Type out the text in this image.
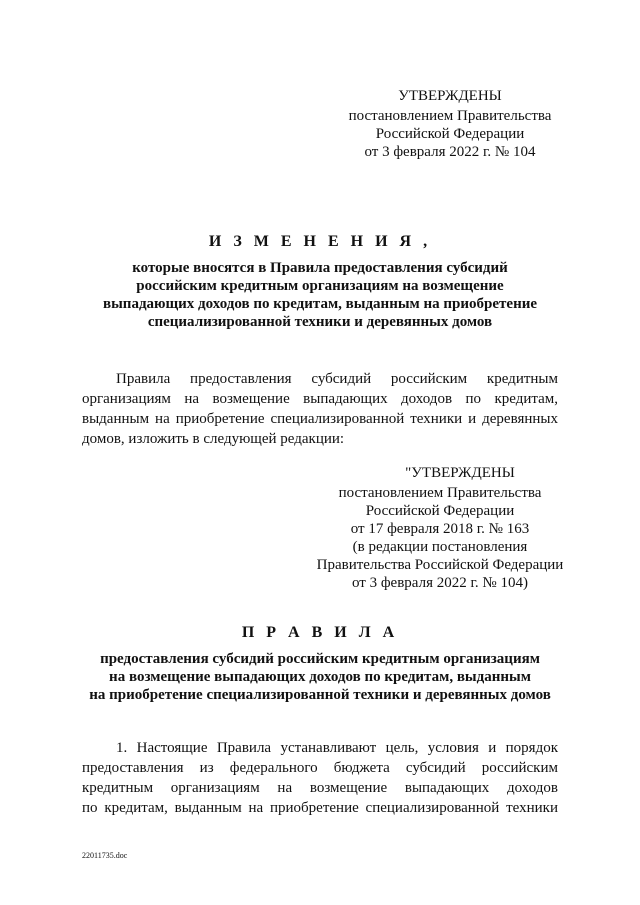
УТВЕРЖДЕНЫ
постановлением Правительства
Российской Федерации
от 3 февраля 2022 г. № 104
И З М Е Н Е Н И Я ,
которые вносятся в Правила предоставления субсидий
российским кредитным организациям на возмещение
выпадающих доходов по кредитам, выданным на приобретение
специализированной техники и деревянных домов
Правила предоставления субсидий российским кредитным
организациям на возмещение выпадающих доходов по кредитам,
выданным на приобретение специализированной техники и деревянных
домов, изложить в следующей редакции:
"УТВЕРЖДЕНЫ
постановлением Правительства
Российской Федерации
от 17 февраля 2018 г. № 163
(в редакции постановления
Правительства Российской Федерации
от 3 февраля 2022 г. № 104)
П Р А В И Л А
предоставления субсидий российским кредитным организациям
на возмещение выпадающих доходов по кредитам, выданным
на приобретение специализированной техники и деревянных домов
1. Настоящие Правила устанавливают цель, условия и порядок
предоставления из федерального бюджета субсидий российским
кредитным организациям на возмещение выпадающих доходов
по кредитам, выданным на приобретение специализированной техники
22011735.doc
